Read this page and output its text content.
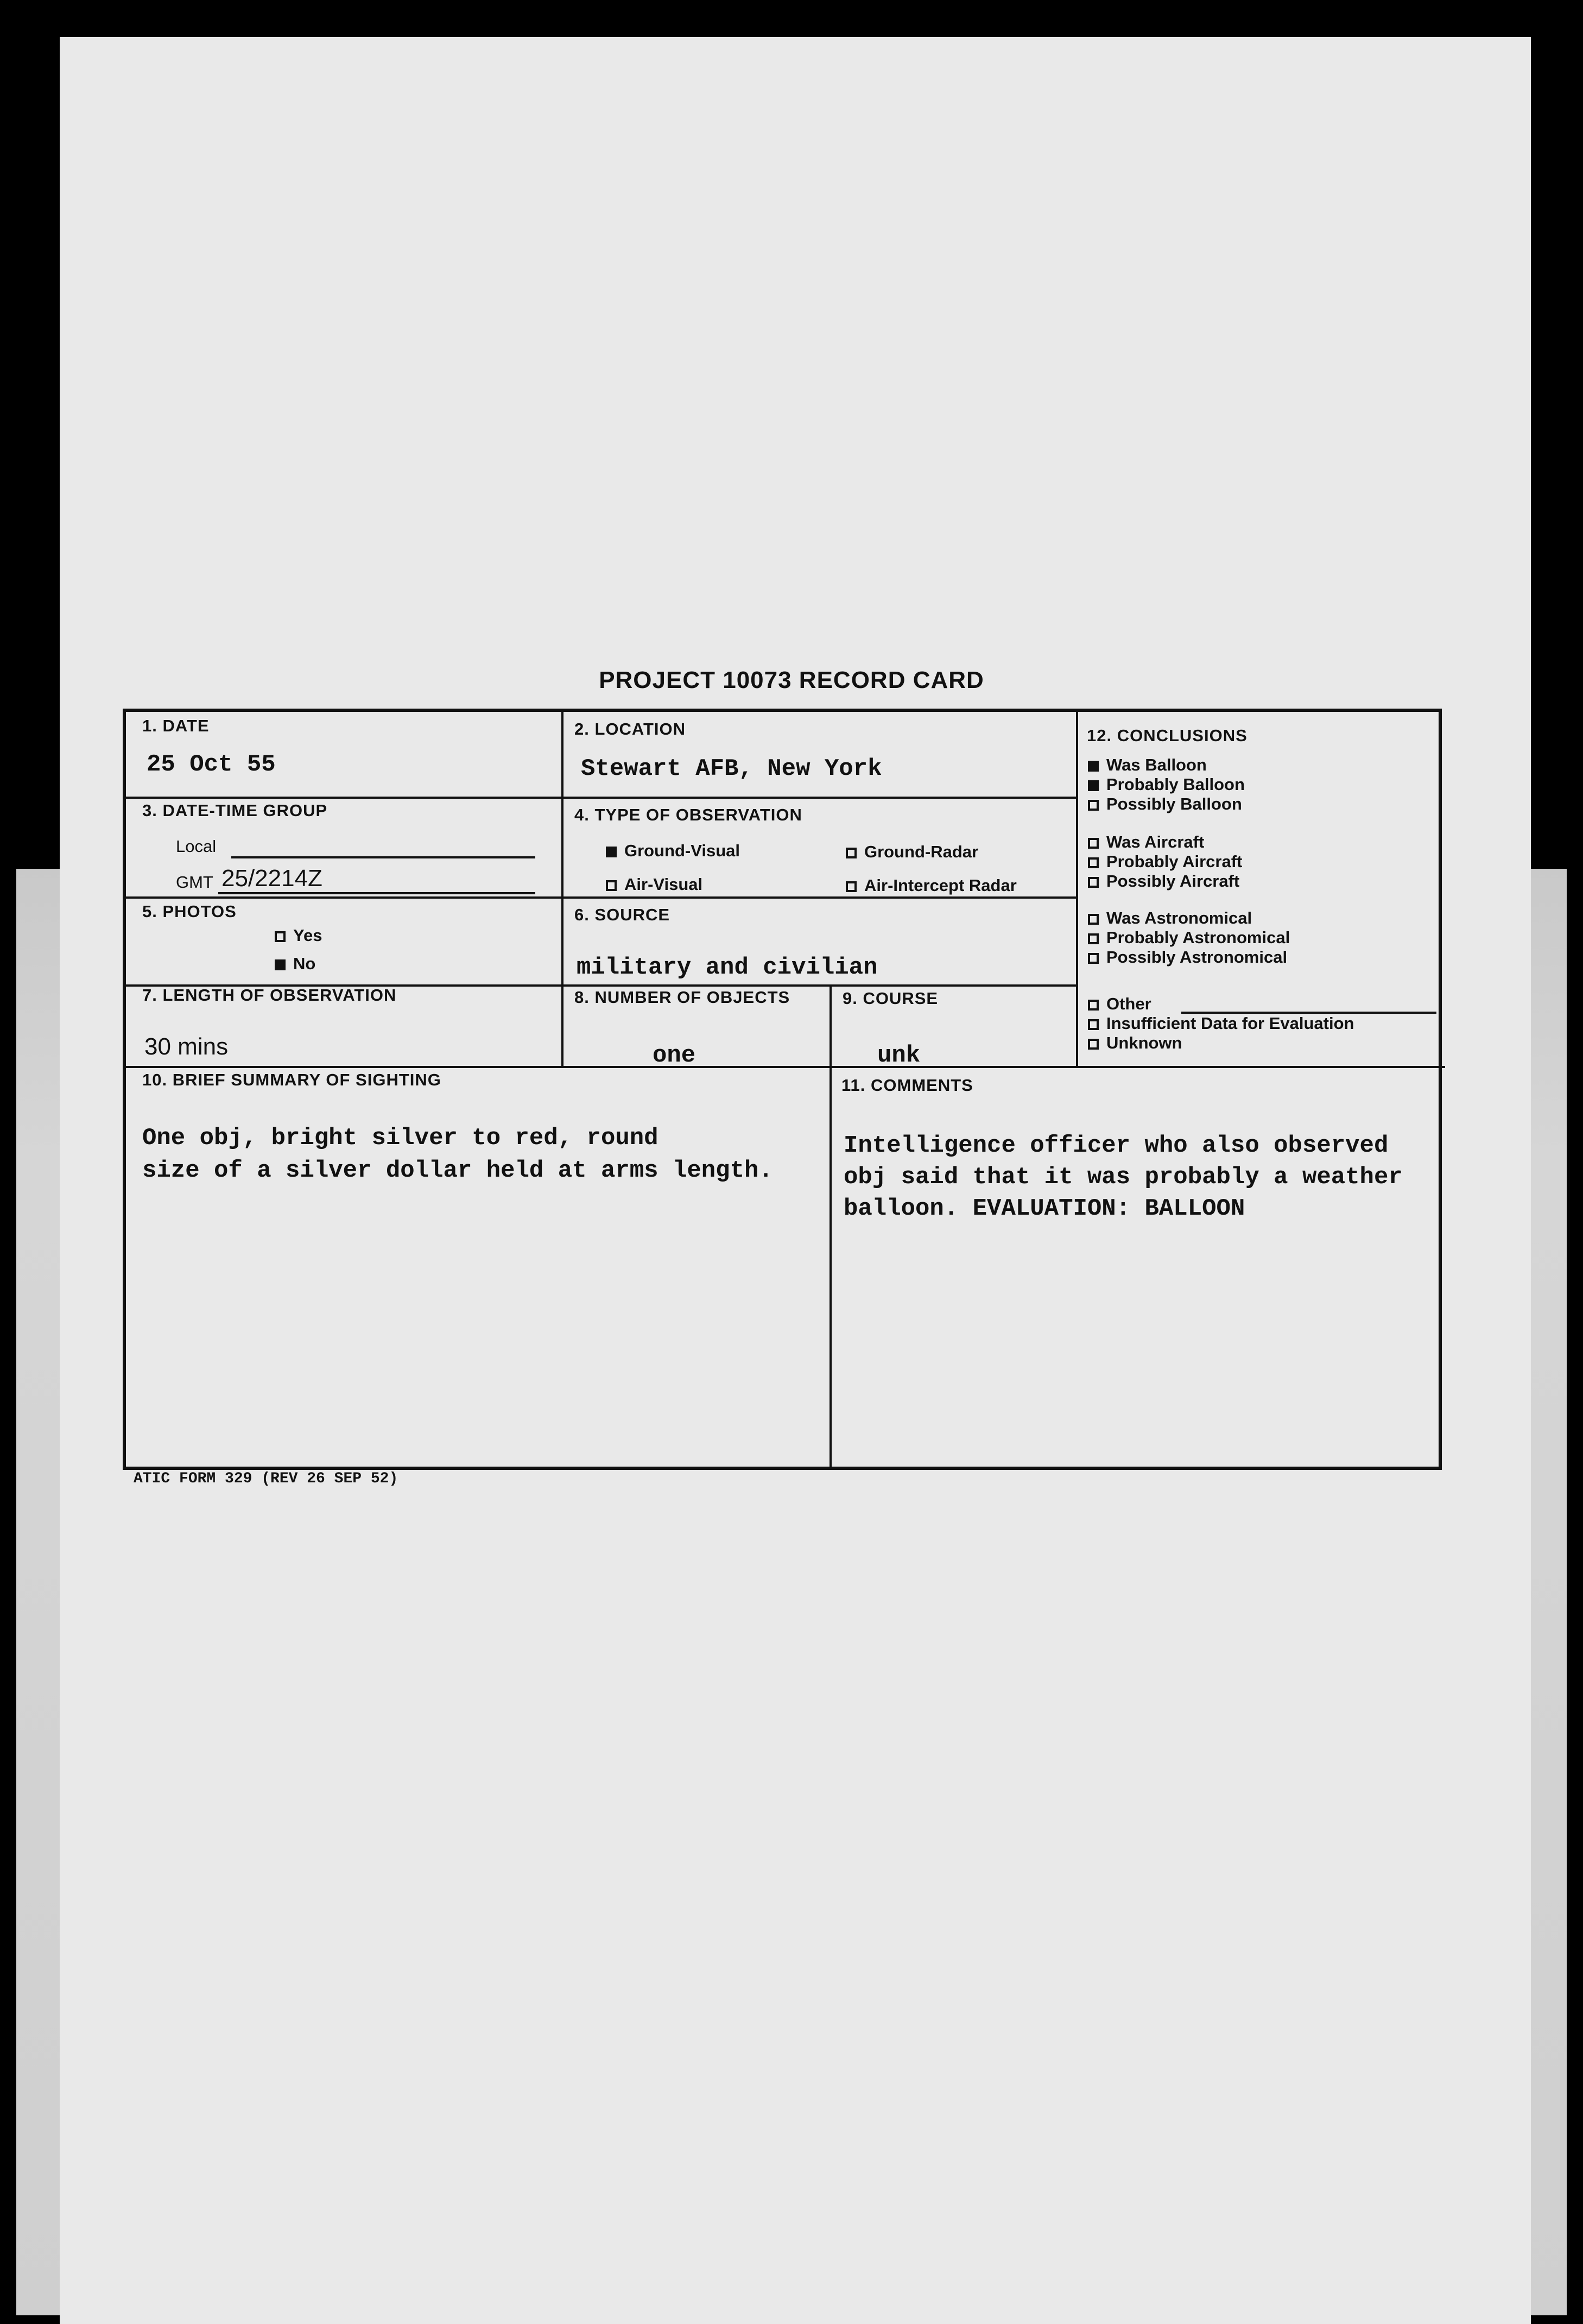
PROJECT 10073 RECORD CARD
1. DATE
25 Oct 55
2. LOCATION
Stewart AFB, New York
3. DATE-TIME GROUP
Local
GMT 25/2214Z
4. TYPE OF OBSERVATION
Ground-Visual	Ground-Radar
Air-Visual	Air-Intercept Radar
5. PHOTOS
Yes
No
6. SOURCE
military and civilian
7. LENGTH OF OBSERVATION
30 mins
8. NUMBER OF OBJECTS
one
9. COURSE
unk
10. BRIEF SUMMARY OF SIGHTING
One obj, bright silver to red, round
size of a silver dollar held at arms length.
11. COMMENTS
Intelligence officer who also observed
obj said that it was probably a weather
balloon. EVALUATION: BALLOON
12. CONCLUSIONS
Was Balloon
Probably Balloon
Possibly Balloon
Was Aircraft
Probably Aircraft
Possibly Aircraft
Was Astronomical
Probably Astronomical
Possibly Astronomical
Other
Insufficient Data for Evaluation
Unknown
ATIC FORM 329 (REV 26 SEP 52)
